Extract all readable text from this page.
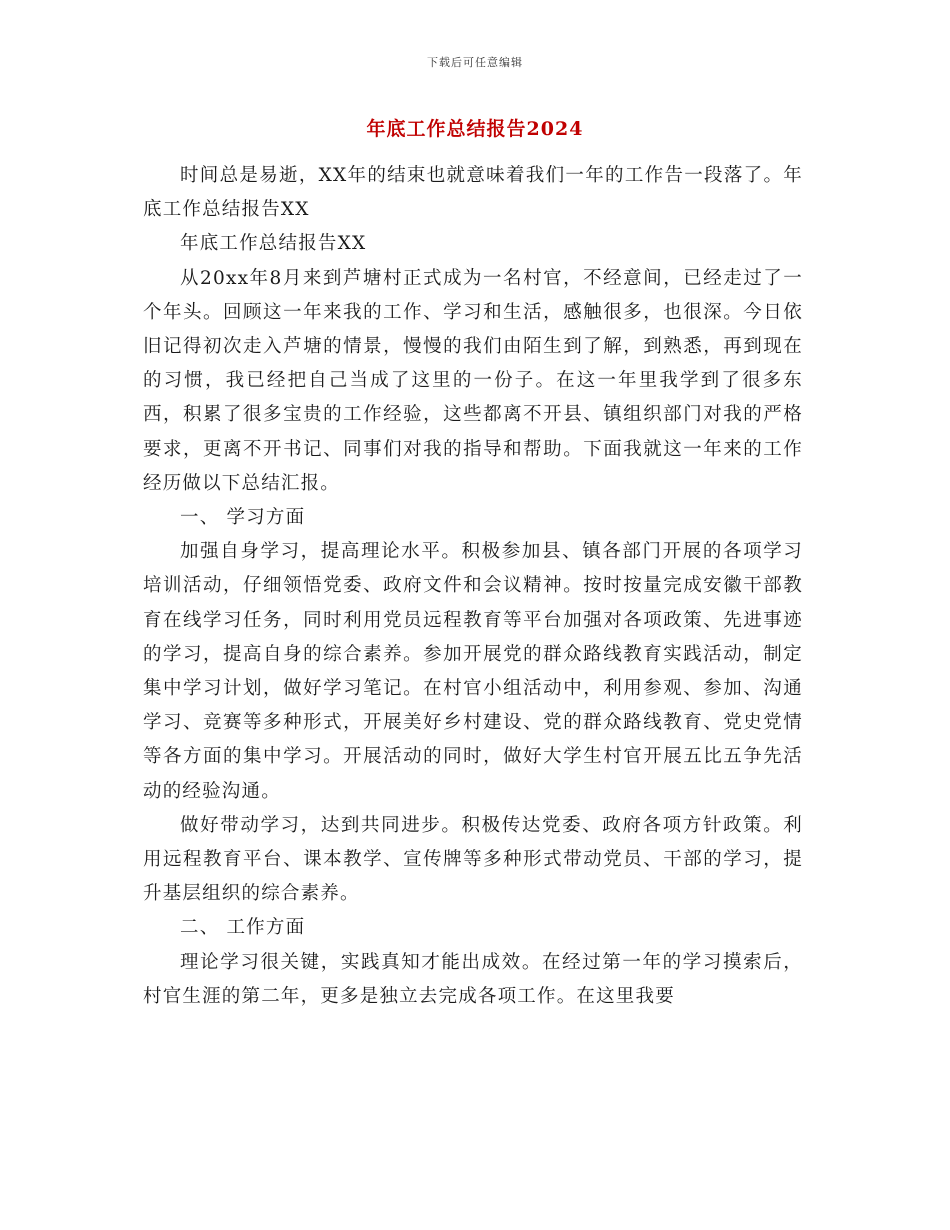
下载后可任意编辑
年底工作总结报告2024

时间总是易逝，XX年的结束也就意味着我们一年的工作告一段落了。年底工作总结报告XX

年底工作总结报告XX

从20xx年8月来到芦塘村正式成为一名村官，不经意间，已经走过了一个年头。回顾这一年来我的工作、学习和生活，感触很多，也很深。今日依旧记得初次走入芦塘的情景，慢慢的我们由陌生到了解，到熟悉，再到现在的习惯，我已经把自己当成了这里的一份子。在这一年里我学到了很多东西，积累了很多宝贵的工作经验，这些都离不开县、镇组织部门对我的严格要求，更离不开书记、同事们对我的指导和帮助。下面我就这一年来的工作经历做以下总结汇报。

一、 学习方面

加强自身学习，提高理论水平。积极参加县、镇各部门开展的各项学习培训活动，仔细领悟党委、政府文件和会议精神。按时按量完成安徽干部教育在线学习任务，同时利用党员远程教育等平台加强对各项政策、先进事迹的学习，提高自身的综合素养。参加开展党的群众路线教育实践活动，制定集中学习计划，做好学习笔记。在村官小组活动中，利用参观、参加、沟通学习、竞赛等多种形式，开展美好乡村建设、党的群众路线教育、党史党情等各方面的集中学习。开展活动的同时，做好大学生村官开展五比五争先活动的经验沟通。

做好带动学习，达到共同进步。积极传达党委、政府各项方针政策。利用远程教育平台、课本教学、宣传牌等多种形式带动党员、干部的学习，提升基层组织的综合素养。

二、 工作方面

理论学习很关键，实践真知才能出成效。在经过第一年的学习摸索后，村官生涯的第二年，更多是独立去完成各项工作。在这里我要
